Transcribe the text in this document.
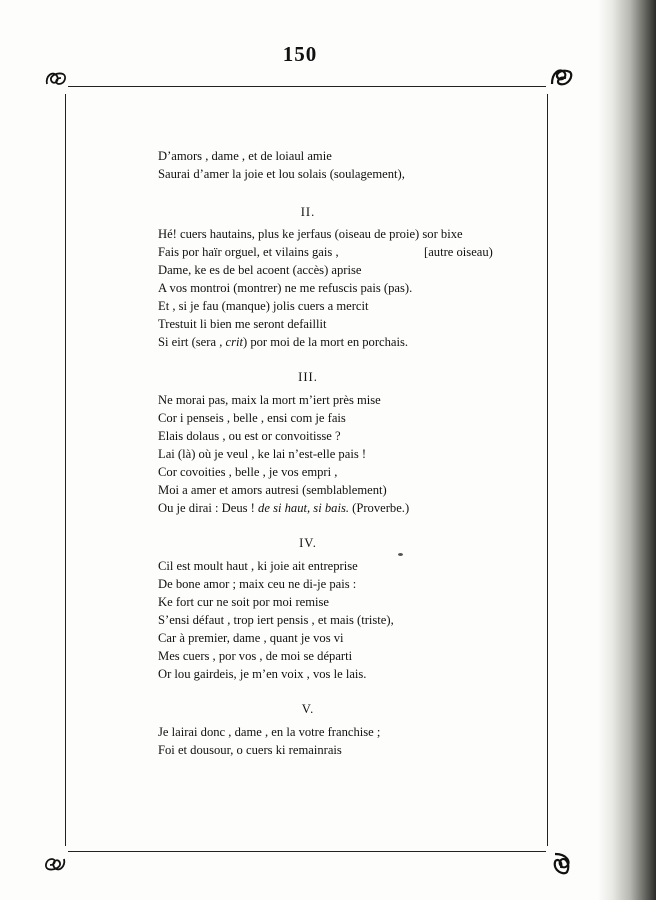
150
D’amors , dame , et de loiaul amie
Saurai d’amer la joie et lou solais (soulagement),
II.
Hé! cuers hautains, plus ke jerfaus (oiseau de proie) sor bixe
Fais por haïr orguel, et vilains gais ,	[autre oiseau)
Dame, ke es de bel acoent (accès) aprise
A vos montroi (montrer) ne me refuscis pais (pas).
Et , si je fau (manque) jolis cuers a mercit
Trestuit li bien me seront defaillit
Si eirt (sera , crit) por moi de la mort en porchais.
III.
Ne morai pas, maix la mort m’iert près mise
Cor i penseis , belle , ensi com je fais
Elais dolaus , ou est or convoitisse ?
Lai (là) où je veul , ke lai n’est-elle pais !
Cor covoities , belle , je vos empri ,
Moi a amer et amors autresi (semblablement)
Ou je dirai : Deus ! de si haut, si bais. (Proverbe.)
IV.
Cil est moult haut , ki joie ait entreprise
De bone amor ; maix ceu ne di-je pais :
Ke fort cur ne soit por moi remise
S’ensi défaut , trop iert pensis , et mais (triste),
Car à premier, dame , quant je vos vi
Mes cuers , por vos , de moi se départi
Or lou gairdeis, je m’en voix , vos le lais.
V.
Je lairai donc , dame , en la votre franchise ;
Foi et dousour, o cuers ki remainrais
